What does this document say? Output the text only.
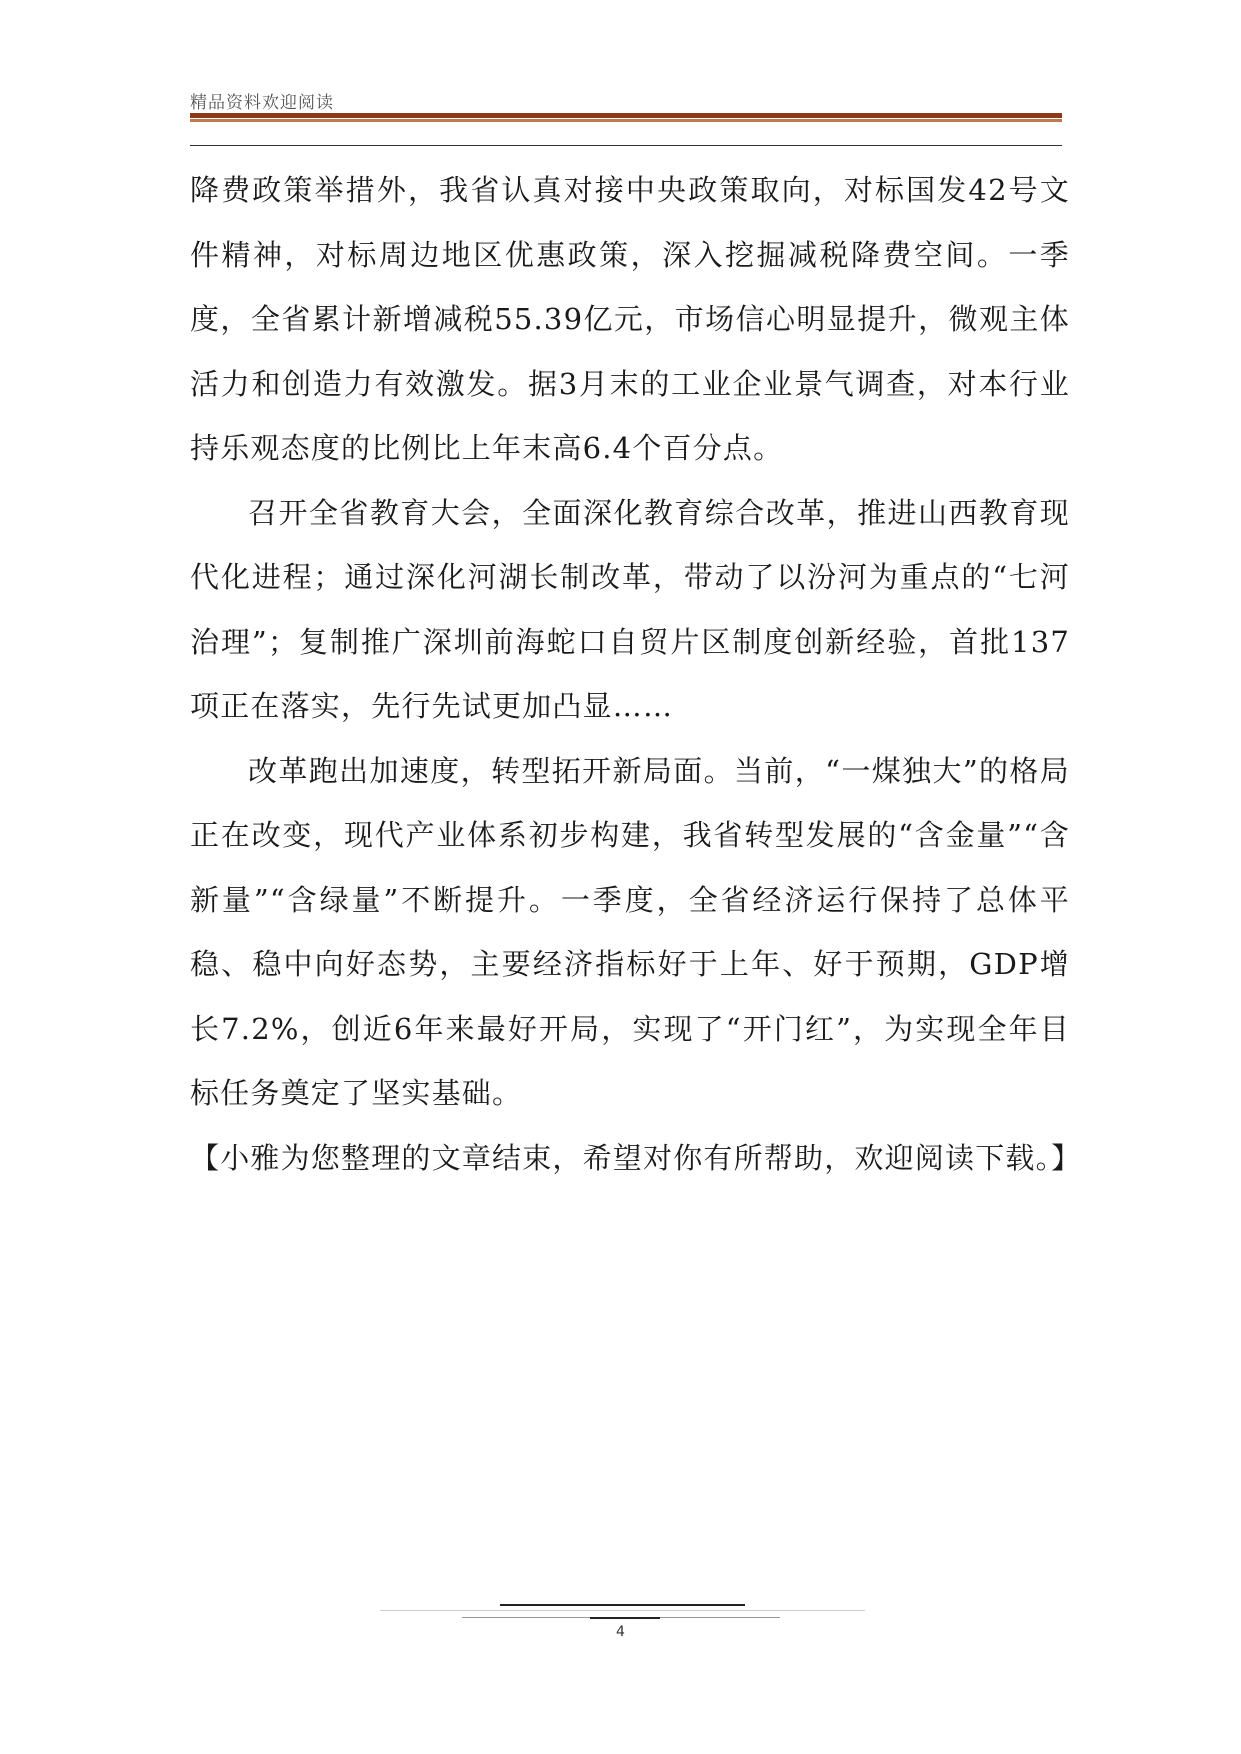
精品资料欢迎阅读

降费政策举措外，我省认真对接中央政策取向，对标国发42号文件精神，对标周边地区优惠政策，深入挖掘减税降费空间。一季度，全省累计新增减税55.39亿元，市场信心明显提升，微观主体活力和创造力有效激发。据3月末的工业企业景气调查，对本行业持乐观态度的比例比上年末高6.4个百分点。

召开全省教育大会，全面深化教育综合改革，推进山西教育现代化进程；通过深化河湖长制改革，带动了以汾河为重点的“七河治理”；复制推广深圳前海蛇口自贸片区制度创新经验，首批137项正在落实，先行先试更加凸显……

改革跑出加速度，转型拓开新局面。当前，“一煤独大”的格局正在改变，现代产业体系初步构建，我省转型发展的“含金量”“含新量”“含绿量”不断提升。一季度，全省经济运行保持了总体平稳、稳中向好态势，主要经济指标好于上年、好于预期，GDP增长7.2%，创近6年来最好开局，实现了“开门红”，为实现全年目标任务奠定了坚实基础。

【小雅为您整理的文章结束，希望对你有所帮助，欢迎阅读下载。】

4
